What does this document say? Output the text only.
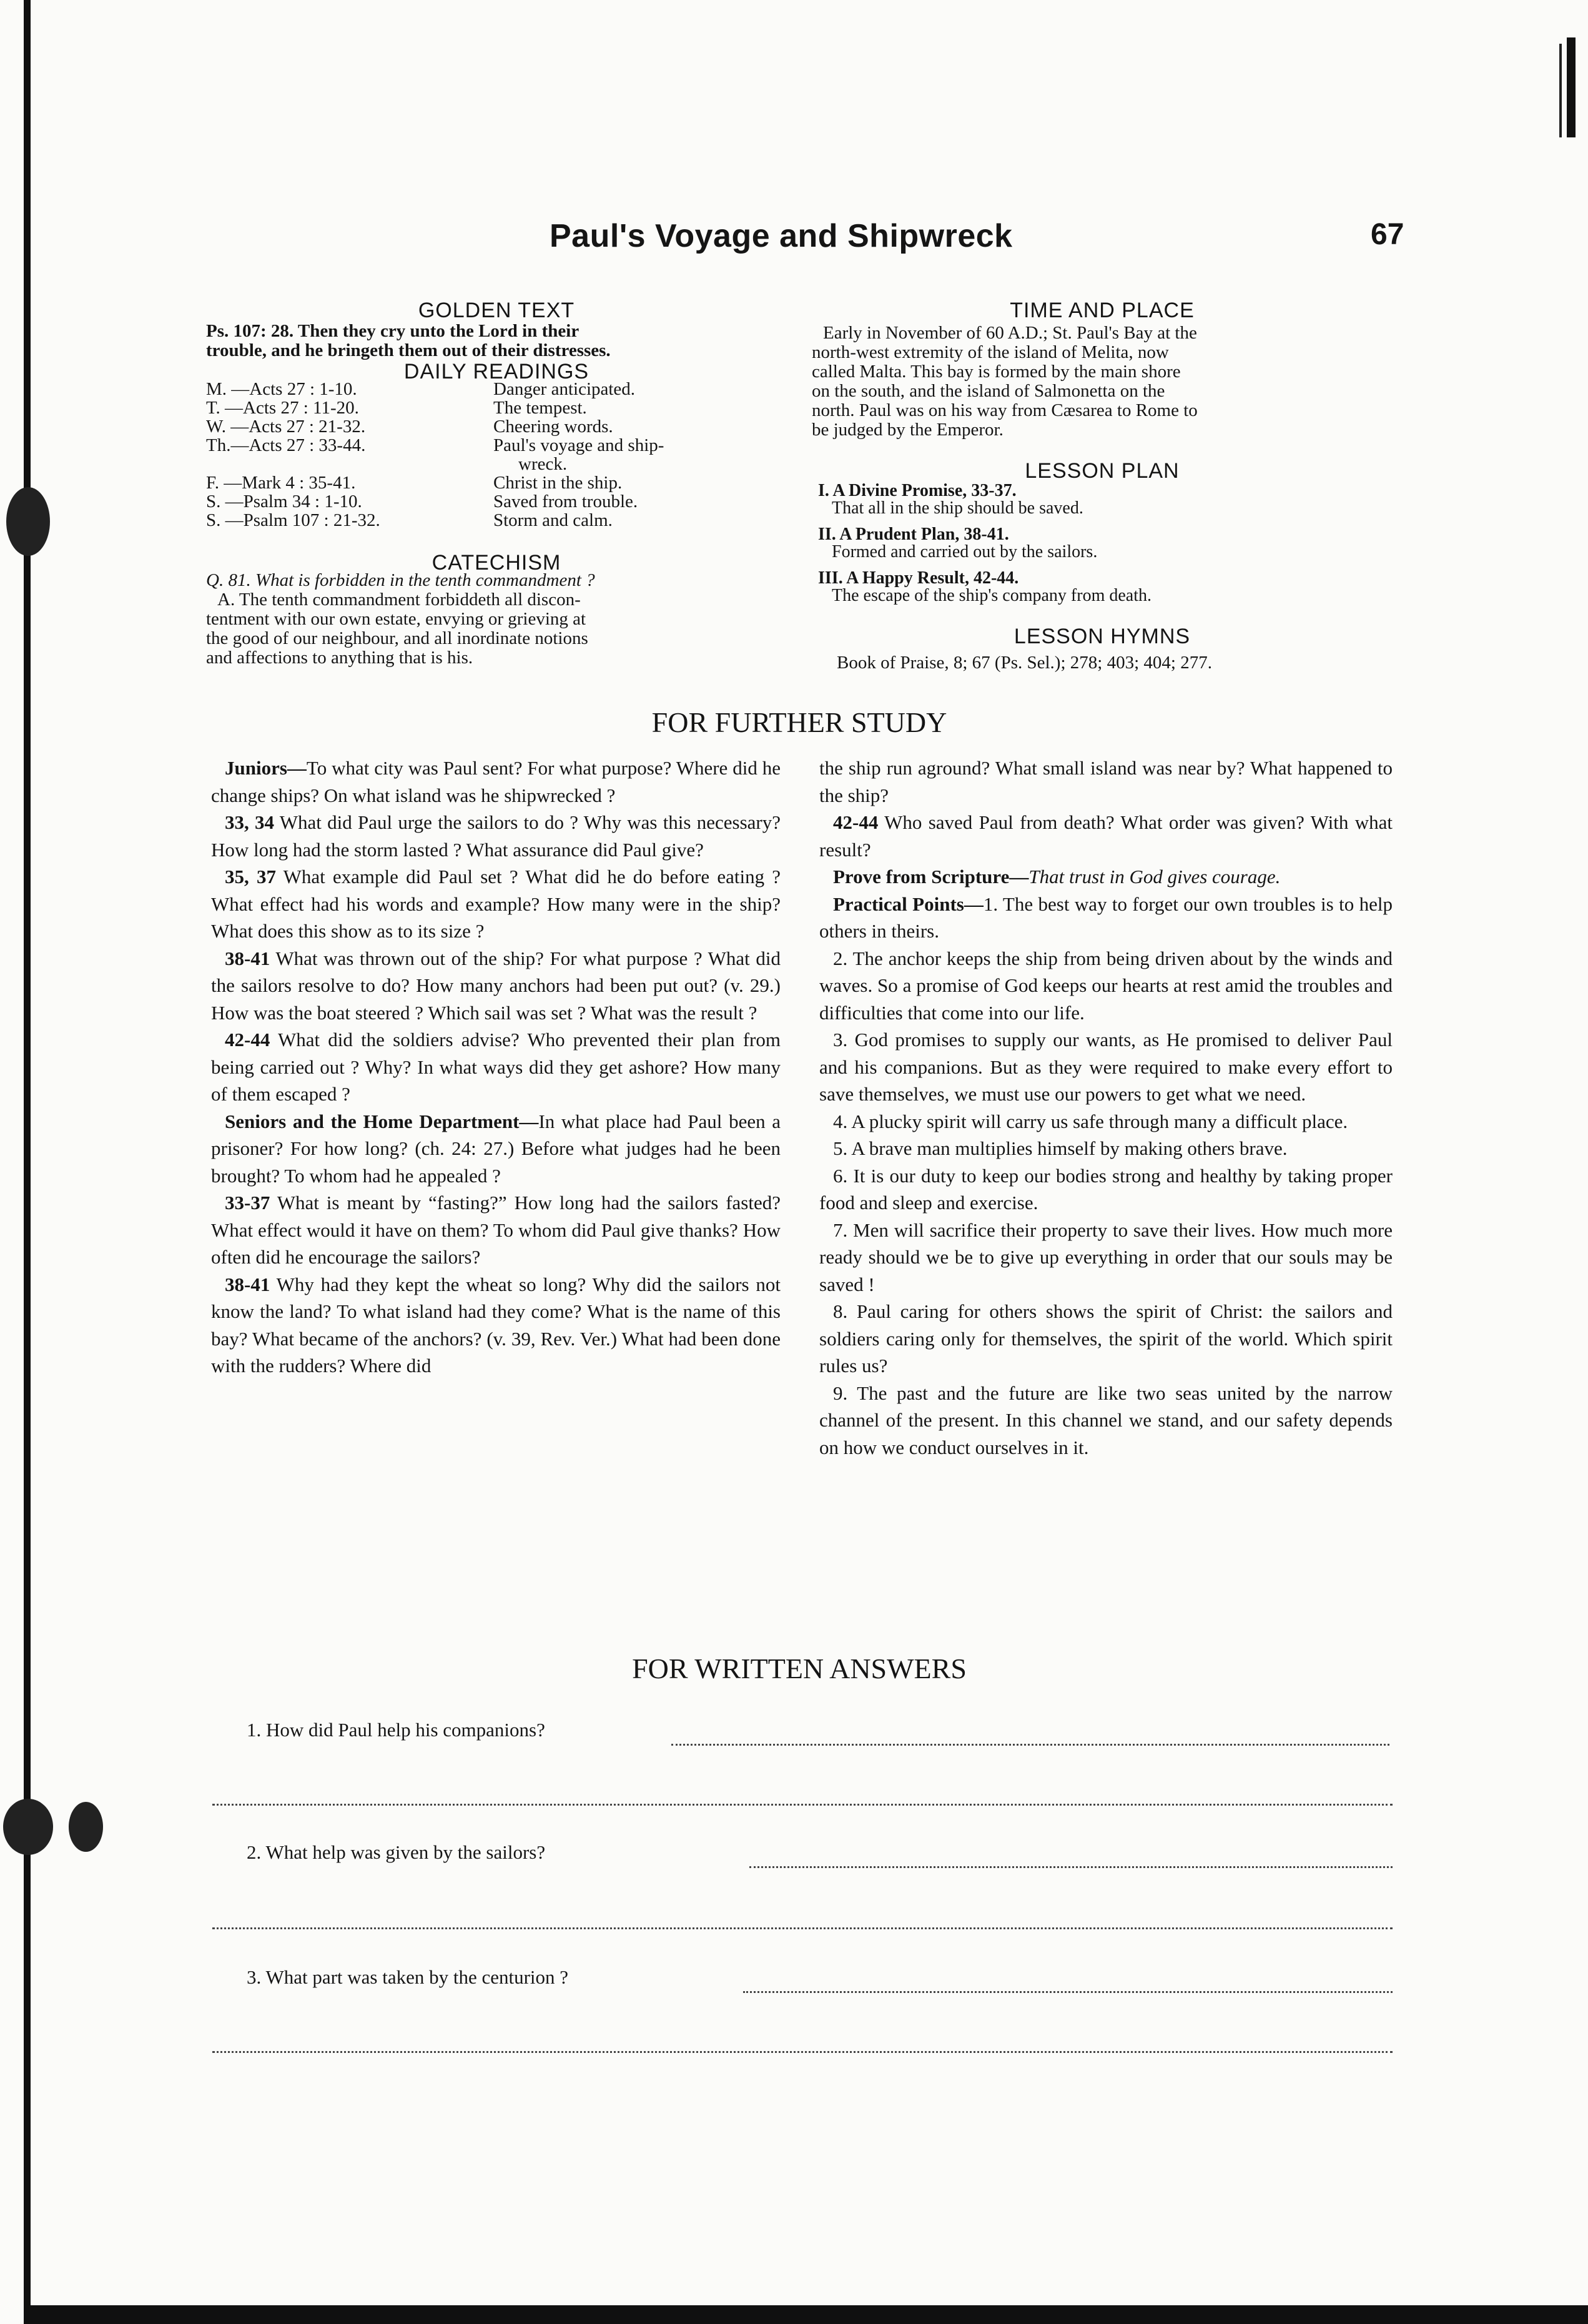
Paul's Voyage and Shipwreck	67
GOLDEN TEXT
Ps. 107: 28. Then they cry unto the Lord in their
trouble, and he bringeth them out of their distresses.
DAILY READINGS
M. —Acts 27 : 1-10.	Danger anticipated.
T. —Acts 27 : 11-20.	The tempest.
W. —Acts 27 : 21-32.	Cheering words.
Th.—Acts 27 : 33-44.	Paul's voyage and ship-
wreck.
F. —Mark 4 : 35-41.	Christ in the ship.
S. —Psalm 34 : 1-10.	Saved from trouble.
S. —Psalm 107 : 21-32.	Storm and calm.
CATECHISM
Q. 81. What is forbidden in the tenth commandment ?
A. The tenth commandment forbiddeth all discon-
tentment with our own estate, envying or grieving at
the good of our neighbour, and all inordinate notions
and affections to anything that is his.
TIME AND PLACE
Early in November of 60 A.D.; St. Paul's Bay at the
north-west extremity of the island of Melita, now
called Malta. This bay is formed by the main shore
on the south, and the island of Salmonetta on the
north. Paul was on his way from Cæsarea to Rome to
be judged by the Emperor.
LESSON PLAN
I. A Divine Promise, 33-37.
That all in the ship should be saved.
II. A Prudent Plan, 38-41.
Formed and carried out by the sailors.
III. A Happy Result, 42-44.
The escape of the ship's company from death.
LESSON HYMNS
Book of Praise, 8; 67 (Ps. Sel.); 278; 403; 404; 277.
FOR FURTHER STUDY

Juniors—To what city was Paul sent? For what purpose? Where did he change ships? On what island was he shipwrecked ?

33, 34 What did Paul urge the sailors to do ? Why was this necessary? How long had the storm lasted ? What assurance did Paul give?

35, 37 What example did Paul set ? What did he do before eating ? What effect had his words and example? How many were in the ship? What does this show as to its size ?

38-41 What was thrown out of the ship? For what purpose ? What did the sailors resolve to do? How many anchors had been put out? (v. 29.) How was the boat steered ? Which sail was set ? What was the result ?

42-44 What did the soldiers advise? Who prevented their plan from being carried out ? Why? In what ways did they get ashore? How many of them escaped ?

Seniors and the Home Department—In what place had Paul been a prisoner? For how long? (ch. 24: 27.) Before what judges had he been brought? To whom had he appealed ?

33-37 What is meant by “fasting?” How long had the sailors fasted? What effect would it have on them? To whom did Paul give thanks? How often did he encourage the sailors?

38-41 Why had they kept the wheat so long? Why did the sailors not know the land? To what island had they come? What is the name of this bay? What became of the anchors? (v. 39, Rev. Ver.) What had been done with the rudders? Where did

the ship run aground? What small island was near by? What happened to the ship?

42-44 Who saved Paul from death? What order was given? With what result?

Prove from Scripture—That trust in God gives courage.

Practical Points—1. The best way to forget our own troubles is to help others in theirs.

2. The anchor keeps the ship from being driven about by the winds and waves. So a promise of God keeps our hearts at rest amid the troubles and difficulties that come into our life.

3. God promises to supply our wants, as He promised to deliver Paul and his companions. But as they were required to make every effort to save themselves, we must use our powers to get what we need.

4. A plucky spirit will carry us safe through many a difficult place.

5. A brave man multiplies himself by making others brave.

6. It is our duty to keep our bodies strong and healthy by taking proper food and sleep and exercise.

7. Men will sacrifice their property to save their lives. How much more ready should we be to give up everything in order that our souls may be saved !

8. Paul caring for others shows the spirit of Christ: the sailors and soldiers caring only for themselves, the spirit of the world. Which spirit rules us?

9. The past and the future are like two seas united by the narrow channel of the present. In this channel we stand, and our safety depends on how we conduct ourselves in it.

FOR WRITTEN ANSWERS
1. How did Paul help his companions?
2. What help was given by the sailors?
3. What part was taken by the centurion ?
